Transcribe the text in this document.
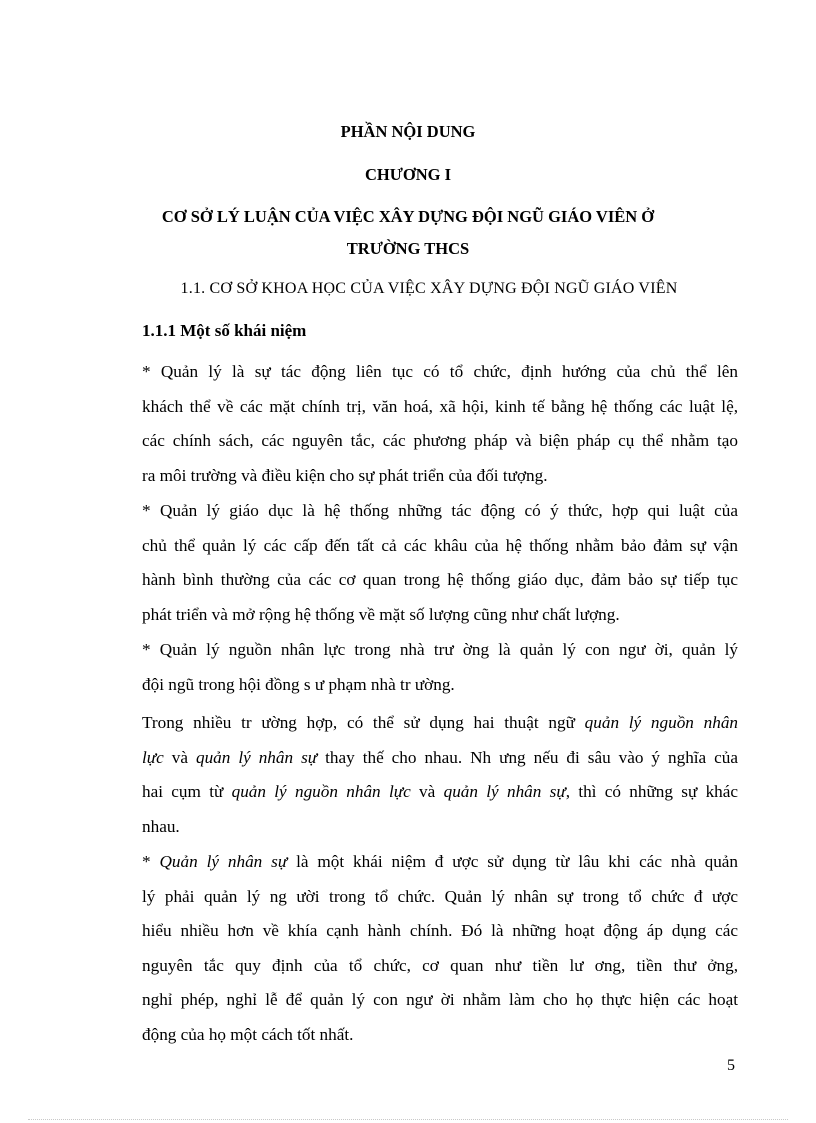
PHẦN NỘI DUNG
CHƯƠNG I
CƠ SỞ LÝ LUẬN CỦA VIỆC XÂY DỰNG ĐỘI NGŨ GIÁO VIÊN Ở
TRƯỜNG THCS
1.1. CƠ SỞ KHOA HỌC CỦA VIỆC XÂY DỰNG ĐỘI NGŨ GIÁO VIÊN
1.1.1 Một số khái niệm
* Quản lý là sự tác động liên tục có tổ chức, định hướng của chủ thể lên
khách thể về các mặt chính trị, văn hoá, xã hội, kinh tế bằng hệ thống các luật lệ,
các chính sách, các nguyên tắc, các phương pháp và biện pháp cụ thể nhằm tạo
ra môi trường và điều kiện cho sự phát triển của đối tượng.
* Quản lý giáo dục là hệ thống những tác động có ý thức, hợp qui luật của
chủ thể quản lý các cấp đến tất cả các khâu của hệ thống nhằm bảo đảm sự vận
hành bình thường của các cơ quan trong hệ thống giáo dục, đảm bảo sự tiếp tục
phát triển và mở rộng hệ thống về mặt số lượng cũng như chất lượng.
* Quản lý nguồn nhân lực trong nhà trư ờng là quản lý con ngư ời, quản lý
đội ngũ trong hội đồng s ư phạm nhà tr ường.
Trong nhiều tr ường hợp, có thể sử dụng hai thuật ngữ quản lý nguồn nhân
lực và quản lý nhân sự thay thế cho nhau. Nh ưng nếu đi sâu vào ý nghĩa của
hai cụm từ quản lý nguồn nhân lực và quản lý nhân sự, thì có những sự khác
nhau.
* Quản lý nhân sự là một khái niệm đ ược sử dụng từ lâu khi các nhà quản
lý phải quản lý ng ười trong tổ chức. Quản lý nhân sự trong tổ chức đ ược
hiểu nhiều hơn về khía cạnh hành chính. Đó là những hoạt động áp dụng các
nguyên tắc quy định của tổ chức, cơ quan như tiền lư ơng, tiền thư ởng,
nghỉ phép, nghỉ lễ để quản lý con ngư ời nhằm làm cho họ thực hiện các hoạt
động của họ một cách tốt nhất.
5
